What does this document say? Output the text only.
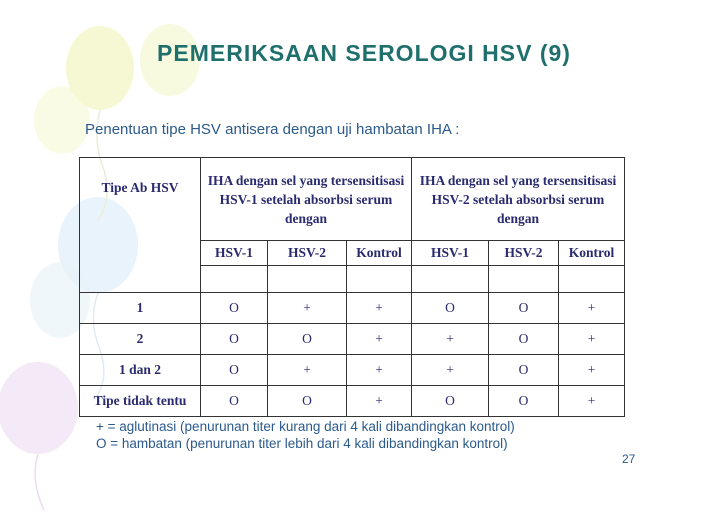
PEMERIKSAAN SEROLOGI HSV (9)
Penentuan tipe HSV antisera dengan uji hambatan IHA :
Tipe Ab HSV	IHA dengan sel yang tersensitisasi HSV-1 setelah absorbsi serum dengan			IHA dengan sel yang tersensitisasi HSV-2 setelah absorbsi serum dengan		
	HSV-1	HSV-2	Kontrol	HSV-1	HSV-2	Kontrol

1	O	+	+	O	O	+
2	O	O	+	+	O	+
1 dan 2	O	+	+	+	O	+
Tipe tidak tentu	O	O	+	O	O	+
+ = aglutinasi (penurunan titer kurang dari 4 kali dibandingkan kontrol)
O = hambatan (penurunan titer lebih dari 4 kali dibandingkan kontrol)
27
